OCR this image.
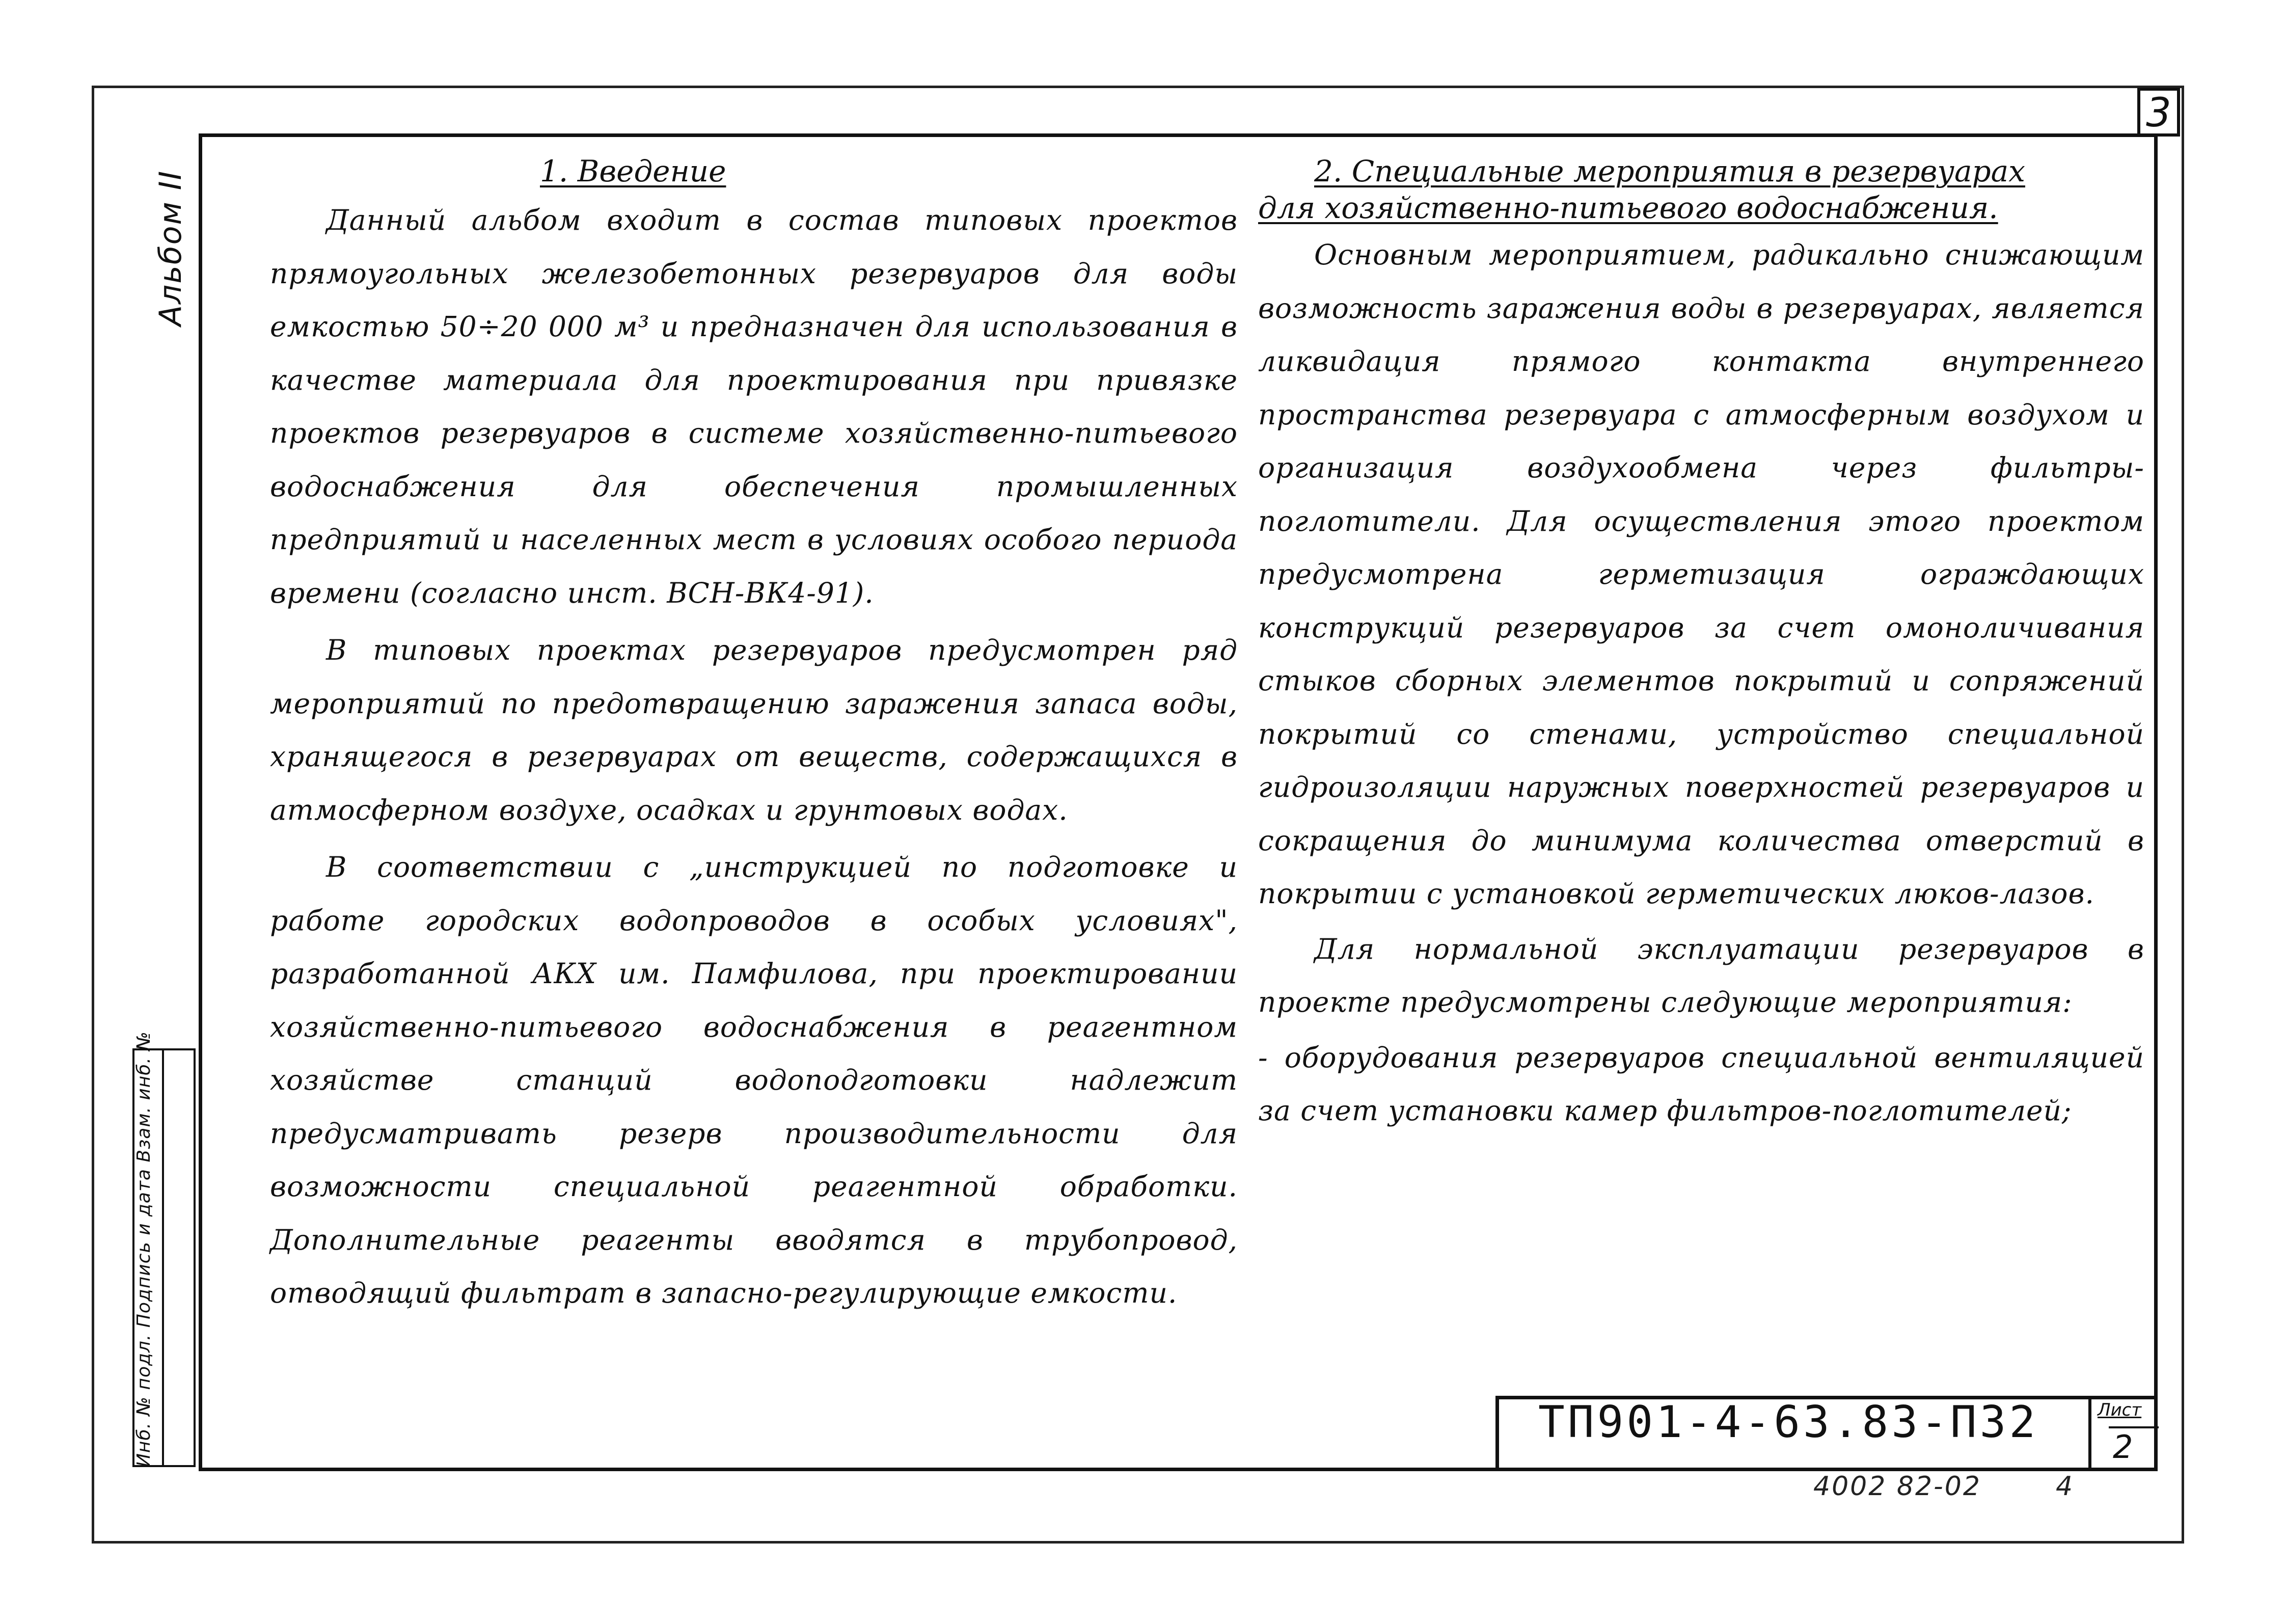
3
Альбом II
Инб. № подл. Подпись и дата Взам. инб. №

1. Введение

Данный альбом входит в состав типовых проектов прямоугольных железобетонных резервуаров для воды емкостью 50÷20 000 м³ и предназначен для использования в качестве материала для проектирования при привязке проектов резервуаров в системе хозяйственно-питьевого водоснабжения для обеспечения промышленных предприятий и населенных мест в условиях особого периода времени (согласно инст. ВСН-ВК4-91).

В типовых проектах резервуаров предусмотрен ряд мероприятий по предотвращению заражения запаса воды, хранящегося в резервуарах от веществ, содержащихся в атмосферном воздухе, осадках и грунтовых водах.

В соответствии с „инструкцией по подготовке и работе городских водопроводов в особых условиях", разработанной АКХ им. Памфилова, при проектировании хозяйственно-питьевого водоснабжения в реагентном хозяйстве станций водоподготовки надлежит предусматривать резерв производительности для возможности специальной реагентной обработки. Дополнительные реагенты вводятся в трубопровод, отводящий фильтрат в запасно-регулирующие емкости.

2. Специальные мероприятия в резервуарах

для хозяйственно-питьевого водоснабжения.

Основным мероприятием, радикально снижающим возможность заражения воды в резервуарах, является ликвидация прямого контакта внутреннего пространства резервуара с атмосферным воздухом и организация воздухообмена через фильтры-поглотители. Для осуществления этого проектом предусмотрена герметизация ограждающих конструкций резервуаров за счет омоноличивания стыков сборных элементов покрытий и сопряжений покрытий со стенами, устройство специальной гидроизоляции наружных поверхностей резервуаров и сокращения до минимума количества отверстий в покрытии с установкой герметических люков-лазов.

Для нормальной эксплуатации резервуаров в проекте предусмотрены следующие мероприятия:

- оборудования резервуаров специальной вентиляцией за счет установки камер фильтров-поглотителей;

ТП901-4-63.83-П32	Лист
2
4002 82-02	4
